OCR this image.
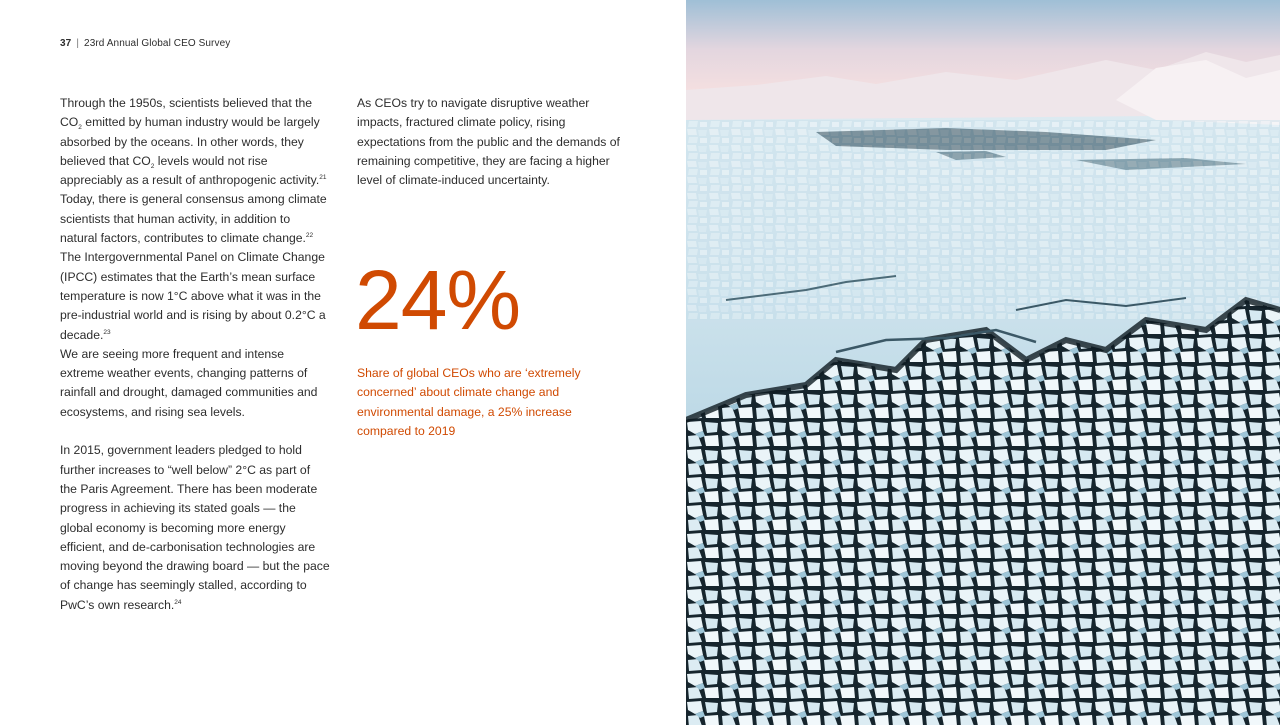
37 | 23rd Annual Global CEO Survey

Through the 1950s, scientists believed that the $CO_2$ emitted by human industry would be largely absorbed by the oceans. In other words, they believed that $CO_2$ levels would not rise appreciably as a result of anthropogenic activity.$^{21}$ Today, there is general consensus among climate scientists that human activity, in addition to natural factors, contributes to climate change.$^{22}$ The Intergovernmental Panel on Climate Change (IPCC) estimates that the Earth’s mean surface temperature is now 1°C above what it was in the pre-industrial world and is rising by about 0.2°C a decade.$^{23}$
We are seeing more frequent and intense extreme weather events, changing patterns of rainfall and drought, damaged communities and ecosystems, and rising sea levels.

In 2015, government leaders pledged to hold further increases to “well below” 2°C as part of the Paris Agreement. There has been moderate progress in achieving its stated goals — the global economy is becoming more energy efficient, and de-carbonisation technologies are moving beyond the drawing board — but the pace of change has seemingly stalled, according to PwC’s own research.$^{24}$

As CEOs try to navigate disruptive weather impacts, fractured climate policy, rising expectations from the public and the demands of remaining competitive, they are facing a higher level of climate-induced uncertainty.

24%

Share of global CEOs who are ‘extremely concerned’ about climate change and environmental damage, a 25% increase compared to 2019
